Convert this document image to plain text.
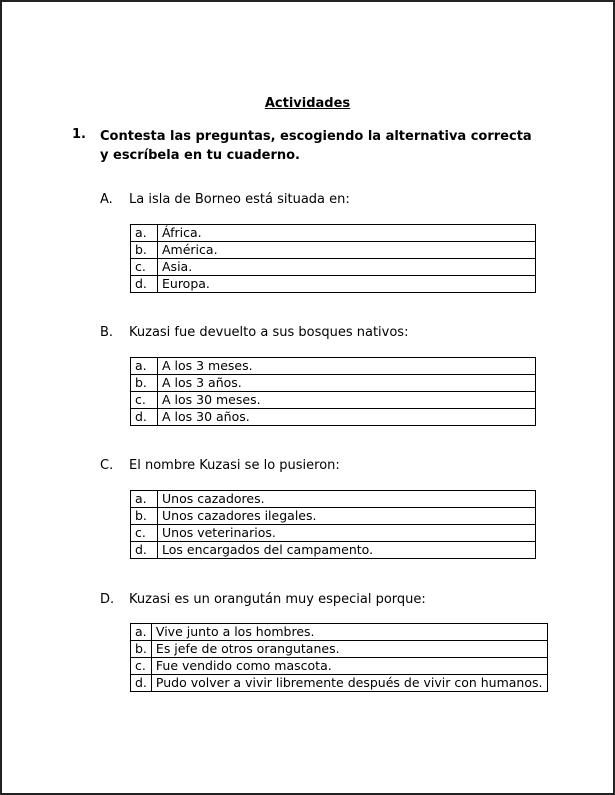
Actividades
1. Contesta las preguntas, escogiendo la alternativa correcta y escríbela en tu cuaderno.
A. La isla de Borneo está situada en:
a.	África.
b.	América.
c.	Asia.
d.	Europa.
B. Kuzasi fue devuelto a sus bosques nativos:
a.	A los 3 meses.
b.	A los 3 años.
c.	A los 30 meses.
d.	A los 30 años.
C. El nombre Kuzasi se lo pusieron:
a.	Unos cazadores.
b.	Unos cazadores ilegales.
c.	Unos veterinarios.
d.	Los encargados del campamento.
D. Kuzasi es un orangután muy especial porque:
a.	Vive junto a los hombres.
b.	Es jefe de otros orangutanes.
c.	Fue vendido como mascota.
d.	Pudo volver a vivir libremente después de vivir con humanos.
